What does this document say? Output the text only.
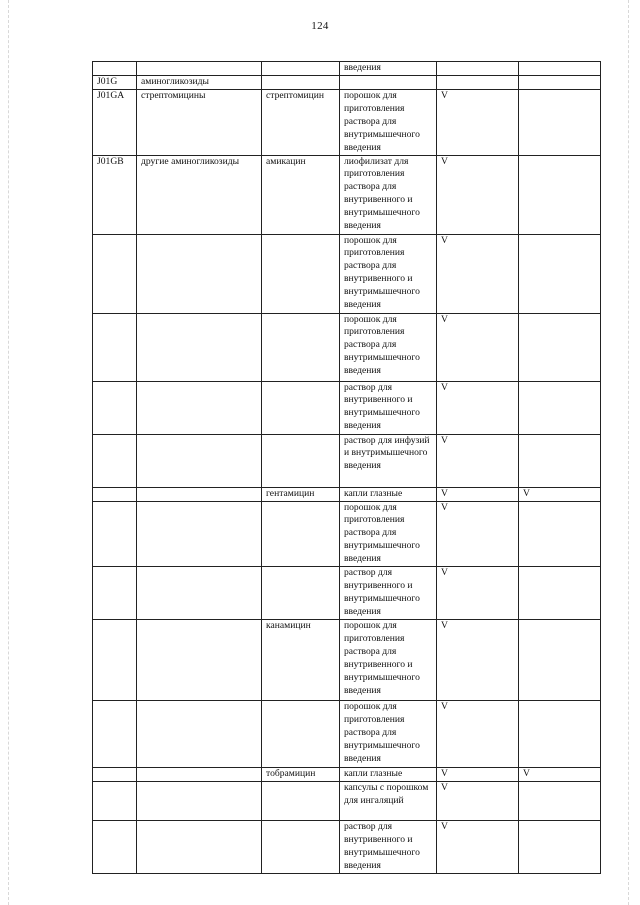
124
			введения		
J01G	аминогликозиды				
J01GA	стрептомицины	стрептомицин	порошок для приготовления раствора для внутримышечного введения	V	
J01GB	другие аминогликозиды	амикацин	лиофилизат для приготовления раствора для внутривенного и внутримышечного введения	V	
			порошок для приготовления раствора для внутривенного и внутримышечного введения	V	
			порошок для приготовления раствора для внутримышечного введения	V	
			раствор для внутривенного и внутримышечного введения	V	
			раствор для инфузий и внутримышечного введения	V	
		гентамицин	капли глазные	V	V
			порошок для приготовления раствора для внутримышечного введения	V	
			раствор для внутривенного и внутримышечного введения	V	
		канамицин	порошок для приготовления раствора для внутривенного и внутримышечного введения	V	
			порошок для приготовления раствора для внутримышечного введения	V	
		тобрамицин	капли глазные	V	V
			капсулы с порошком для ингаляций	V	
			раствор для внутривенного и внутримышечного введения	V	
